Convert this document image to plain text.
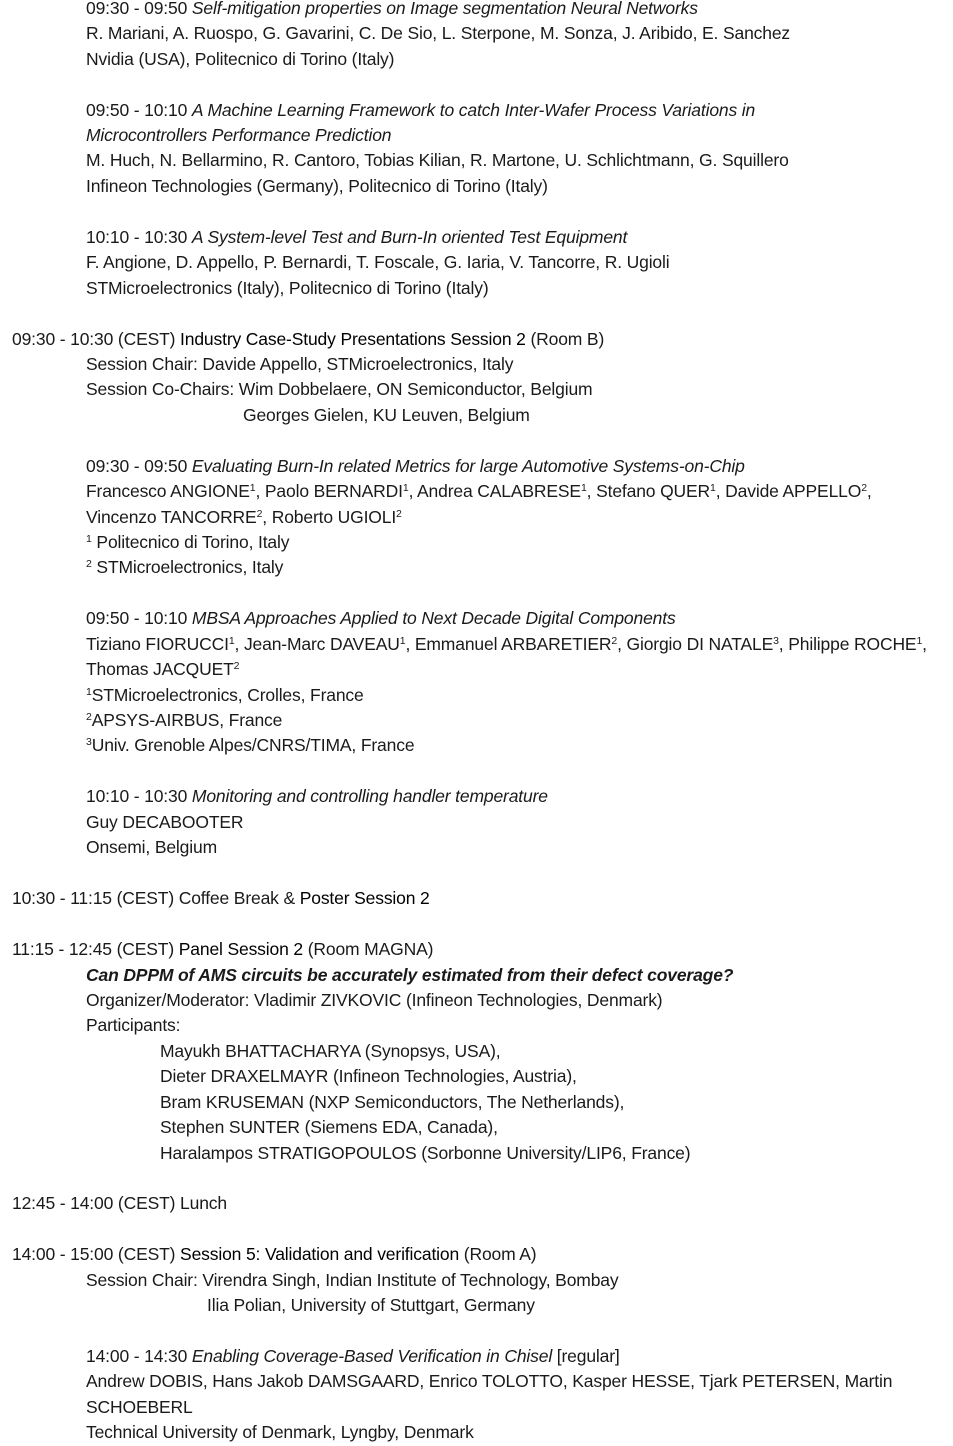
09:30 - 09:50 Self-mitigation properties on Image segmentation Neural Networks
R. Mariani, A. Ruospo, G. Gavarini, C. De Sio, L. Sterpone, M. Sonza, J. Aribido, E. Sanchez
Nvidia (USA), Politecnico di Torino (Italy)
09:50 - 10:10 A Machine Learning Framework to catch Inter-Wafer Process Variations in
Microcontrollers Performance Prediction
M. Huch, N. Bellarmino, R. Cantoro, Tobias Kilian, R. Martone, U. Schlichtmann, G. Squillero
Infineon Technologies (Germany), Politecnico di Torino (Italy)
10:10 - 10:30 A System-level Test and Burn-In oriented Test Equipment
F. Angione, D. Appello, P. Bernardi, T. Foscale, G. Iaria, V. Tancorre, R. Ugioli
STMicroelectronics (Italy), Politecnico di Torino (Italy)
09:30 - 10:30 (CEST) Industry Case-Study Presentations Session 2 (Room B)
Session Chair: Davide Appello, STMicroelectronics, Italy
Session Co-Chairs: Wim Dobbelaere, ON Semiconductor, Belgium
Georges Gielen, KU Leuven, Belgium
09:30 - 09:50 Evaluating Burn-In related Metrics for large Automotive Systems-on-Chip
Francesco ANGIONE$^1$, Paolo BERNARDI$^1$, Andrea CALABRESE$^1$, Stefano QUER$^1$, Davide APPELLO$^2$,
Vincenzo TANCORRE$^2$, Roberto UGIOLI$^2$
$^1$ Politecnico di Torino, Italy
$^2$ STMicroelectronics, Italy
09:50 - 10:10 MBSA Approaches Applied to Next Decade Digital Components
Tiziano FIORUCCI$^1$, Jean-Marc DAVEAU$^1$, Emmanuel ARBARETIER$^2$, Giorgio DI NATALE$^3$, Philippe ROCHE$^1$,
Thomas JACQUET$^2$
$^1$STMicroelectronics, Crolles, France
$^2$APSYS-AIRBUS, France
$^3$Univ. Grenoble Alpes/CNRS/TIMA, France
10:10 - 10:30 Monitoring and controlling handler temperature
Guy DECABOOTER
Onsemi, Belgium
10:30 - 11:15 (CEST) Coffee Break & Poster Session 2
11:15 - 12:45 (CEST) Panel Session 2 (Room MAGNA)
Can DPPM of AMS circuits be accurately estimated from their defect coverage?
Organizer/Moderator: Vladimir ZIVKOVIC (Infineon Technologies, Denmark)
Participants:
Mayukh BHATTACHARYA (Synopsys, USA),
Dieter DRAXELMAYR (Infineon Technologies, Austria),
Bram KRUSEMAN (NXP Semiconductors, The Netherlands),
Stephen SUNTER (Siemens EDA, Canada),
Haralampos STRATIGOPOULOS (Sorbonne University/LIP6, France)
12:45 - 14:00 (CEST) Lunch
14:00 - 15:00 (CEST) Session 5: Validation and verification (Room A)
Session Chair: Virendra Singh, Indian Institute of Technology, Bombay
Ilia Polian, University of Stuttgart, Germany
14:00 - 14:30 Enabling Coverage-Based Verification in Chisel [regular]
Andrew DOBIS, Hans Jakob DAMSGAARD, Enrico TOLOTTO, Kasper HESSE, Tjark PETERSEN, Martin
SCHOEBERL
Technical University of Denmark, Lyngby, Denmark
